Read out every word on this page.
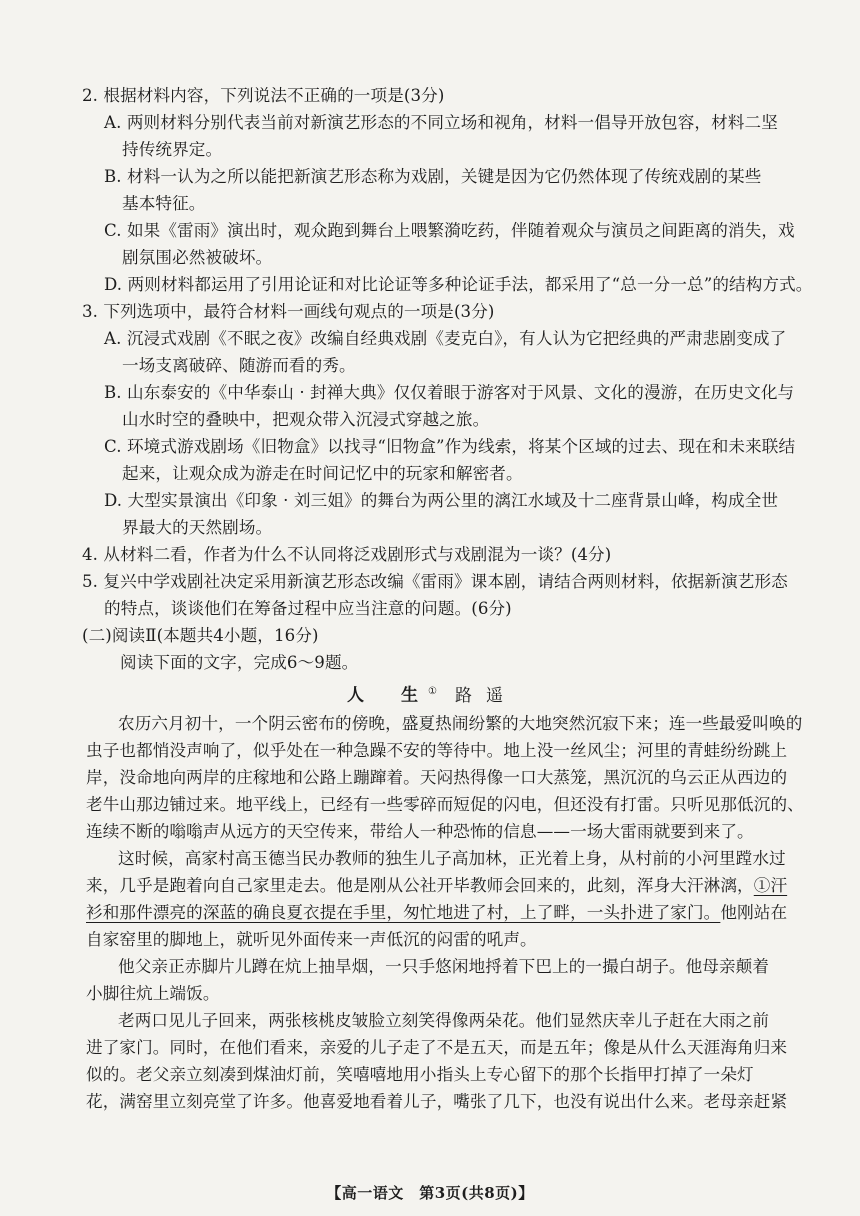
2. 根据材料内容，下列说法不正确的一项是(3分)
A. 两则材料分别代表当前对新演艺形态的不同立场和视角，材料一倡导开放包容，材料二坚
持传统界定。
B. 材料一认为之所以能把新演艺形态称为戏剧，关键是因为它仍然体现了传统戏剧的某些
基本特征。
C. 如果《雷雨》演出时，观众跑到舞台上喂繁漪吃药，伴随着观众与演员之间距离的消失，戏
剧氛围必然被破坏。
D. 两则材料都运用了引用论证和对比论证等多种论证手法，都采用了“总一分一总”的结构方式。
3. 下列选项中，最符合材料一画线句观点的一项是(3分)
A. 沉浸式戏剧《不眠之夜》改编自经典戏剧《麦克白》，有人认为它把经典的严肃悲剧变成了
一场支离破碎、随游而看的秀。
B. 山东泰安的《中华泰山 · 封禅大典》仅仅着眼于游客对于风景、文化的漫游，在历史文化与
山水时空的叠映中，把观众带入沉浸式穿越之旅。
C. 环境式游戏剧场《旧物盒》以找寻“旧物盒”作为线索，将某个区域的过去、现在和未来联结
起来，让观众成为游走在时间记忆中的玩家和解密者。
D. 大型实景演出《印象 · 刘三姐》的舞台为两公里的漓江水域及十二座背景山峰，构成全世
界最大的天然剧场。
4. 从材料二看，作者为什么不认同将泛戏剧形式与戏剧混为一谈？(4分)
5. 复兴中学戏剧社决定采用新演艺形态改编《雷雨》课本剧，请结合两则材料，依据新演艺形态
的特点，谈谈他们在筹备过程中应当注意的问题。(6分)
(二)阅读Ⅱ(本题共4小题，16分)
阅读下面的文字，完成6～9题。
人　生① 路遥
农历六月初十，一个阴云密布的傍晚，盛夏热闹纷繁的大地突然沉寂下来；连一些最爱叫唤的
虫子也都悄没声响了，似乎处在一种急躁不安的等待中。地上没一丝风尘；河里的青蛙纷纷跳上
岸，没命地向两岸的庄稼地和公路上蹦蹿着。天闷热得像一口大蒸笼，黑沉沉的乌云正从西边的
老牛山那边铺过来。地平线上，已经有一些零碎而短促的闪电，但还没有打雷。只听见那低沉的、
连续不断的嗡嗡声从远方的天空传来，带给人一种恐怖的信息——一场大雷雨就要到来了。
这时候，高家村高玉德当民办教师的独生儿子高加林，正光着上身，从村前的小河里蹚水过
来，几乎是跑着向自己家里走去。他是刚从公社开毕教师会回来的，此刻，浑身大汗淋漓，①汗
衫和那件漂亮的深蓝的确良夏衣提在手里，匆忙地进了村，上了畔，一头扑进了家门。他刚站在
自家窑里的脚地上，就听见外面传来一声低沉的闷雷的吼声。
他父亲正赤脚片儿蹲在炕上抽旱烟，一只手悠闲地捋着下巴上的一撮白胡子。他母亲颠着
小脚往炕上端饭。
老两口见儿子回来，两张核桃皮皱脸立刻笑得像两朵花。他们显然庆幸儿子赶在大雨之前
进了家门。同时，在他们看来，亲爱的儿子走了不是五天，而是五年；像是从什么天涯海角归来
似的。老父亲立刻凑到煤油灯前，笑嘻嘻地用小指头上专心留下的那个长指甲打掉了一朵灯
花，满窑里立刻亮堂了许多。他喜爱地看着儿子，嘴张了几下，也没有说出什么来。老母亲赶紧
【高一语文　第3页(共8页)】
